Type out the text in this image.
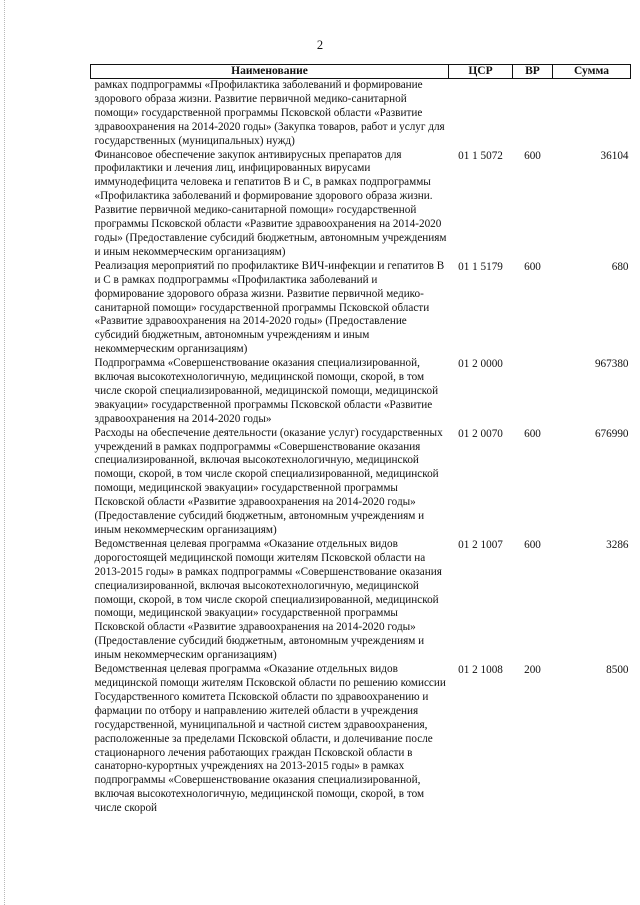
2
Наименование	ЦСР	ВР	Сумма
рамках подпрограммы «Профилактика заболеваний и формирование здорового образа жизни. Развитие первичной медико-санитарной помощи» государственной программы Псковской области «Развитие здравоохранения на 2014-2020 годы» (Закупка товаров, работ и услуг для государственных (муниципальных) нужд)			
Финансовое обеспечение закупок антивирусных препаратов для профилактики и лечения лиц, инфицированных вирусами иммунодефицита человека и гепатитов В и С, в рамках подпрограммы «Профилактика заболеваний и формирование здорового образа жизни. Развитие первичной медико-санитарной помощи» государственной программы Псковской области «Развитие здравоохранения на 2014-2020 годы» (Предоставление субсидий бюджетным, автономным учреждениям и иным некоммерческим организациям)	01 1 5072	600	36104
Реализация мероприятий по профилактике ВИЧ-инфекции и гепатитов В и С в рамках подпрограммы «Профилактика заболеваний и формирование здорового образа жизни. Развитие первичной медико-санитарной помощи» государственной программы Псковской области «Развитие здравоохранения на 2014-2020 годы» (Предоставление субсидий бюджетным, автономным учреждениям и иным некоммерческим организациям)	01 1 5179	600	680
Подпрограмма «Совершенствование оказания специализированной, включая высокотехнологичную, медицинской помощи, скорой, в том числе скорой специализированной, медицинской помощи, медицинской эвакуации» государственной программы Псковской области «Развитие здравоохранения на 2014-2020 годы»	01 2 0000		967380
Расходы на обеспечение деятельности (оказание услуг) государственных учреждений в рамках подпрограммы «Совершенствование оказания специализированной, включая высокотехнологичную, медицинской помощи, скорой, в том числе скорой специализированной, медицинской помощи, медицинской эвакуации» государственной программы Псковской области «Развитие здравоохранения на 2014-2020 годы» (Предоставление субсидий бюджетным, автономным учреждениям и иным некоммерческим организациям)	01 2 0070	600	676990
Ведомственная целевая программа «Оказание отдельных видов дорогостоящей медицинской помощи жителям Псковской области на 2013-2015 годы» в рамках подпрограммы «Совершенствование оказания специализированной, включая высокотехнологичную, медицинской помощи, скорой, в том числе скорой специализированной, медицинской помощи, медицинской эвакуации» государственной программы Псковской области «Развитие здравоохранения на 2014-2020 годы» (Предоставление субсидий бюджетным, автономным учреждениям и иным некоммерческим организациям)	01 2 1007	600	3286
Ведомственная целевая программа «Оказание отдельных видов медицинской помощи жителям Псковской области по решению комиссии Государственного комитета Псковской области по здравоохранению и фармации по отбору и направлению жителей области в учреждения государственной, муниципальной и частной систем здравоохранения, расположенные за пределами Псковской области, и долечивание после стационарного лечения работающих граждан Псковской области в санаторно-курортных учреждениях на 2013-2015 годы» в рамках подпрограммы «Совершенствование оказания специализированной, включая высокотехнологичную, медицинской помощи, скорой, в том числе скорой	01 2 1008	200	8500
